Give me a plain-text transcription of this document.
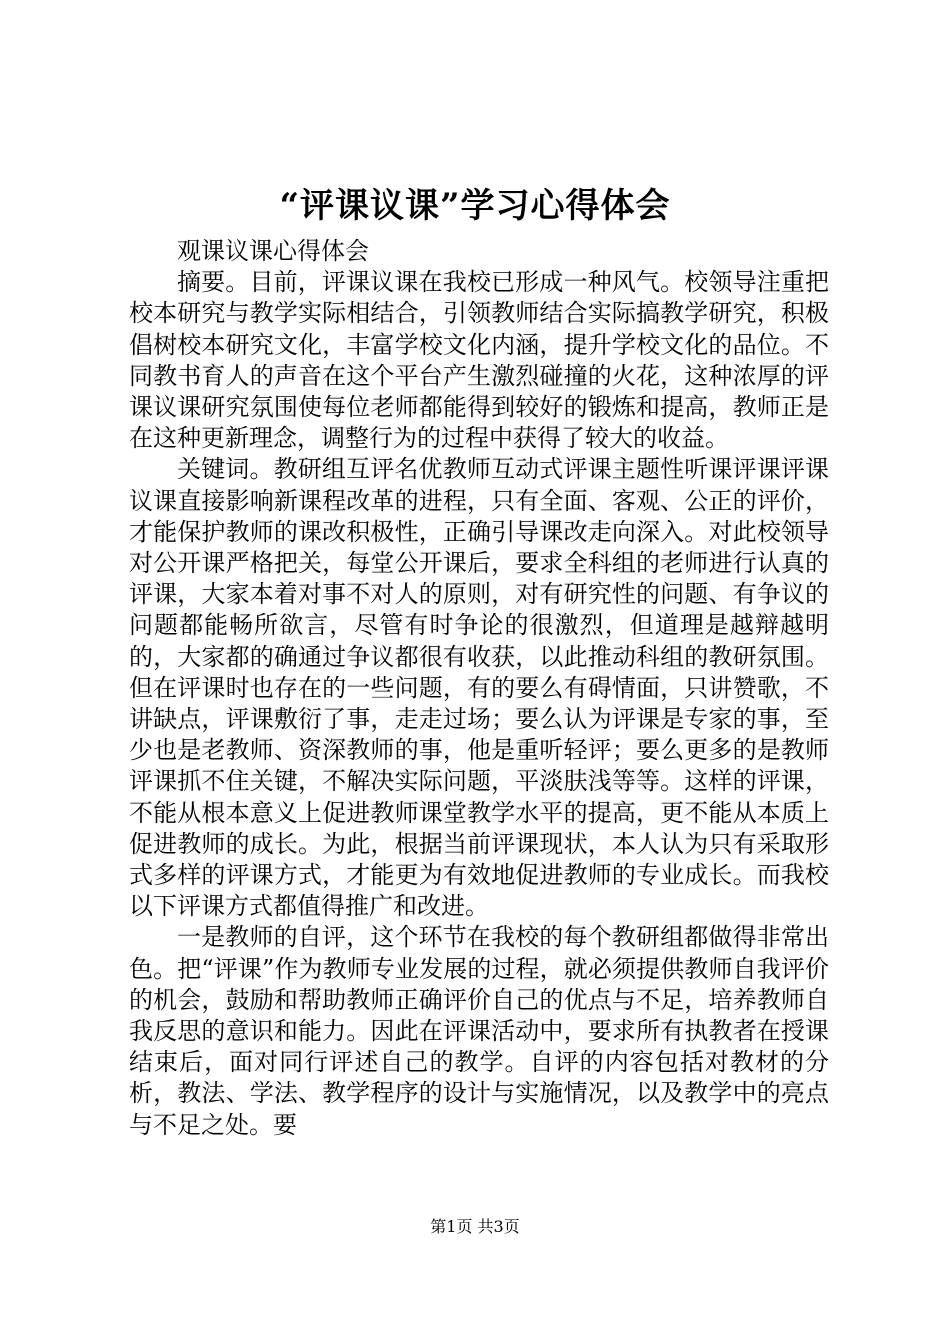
“评课议课”学习心得体会

观课议课心得体会

摘要。目前，评课议课在我校已形成一种风气。校领导注重把校本研究与教学实际相结合，引领教师结合实际搞教学研究，积极倡树校本研究文化，丰富学校文化内涵，提升学校文化的品位。不同教书育人的声音在这个平台产生激烈碰撞的火花，这种浓厚的评课议课研究氛围使每位老师都能得到较好的锻炼和提高，教师正是在这种更新理念，调整行为的过程中获得了较大的收益。

关键词。教研组互评名优教师互动式评课主题性听课评课评课议课直接影响新课程改革的进程，只有全面、客观、公正的评价，才能保护教师的课改积极性，正确引导课改走向深入。对此校领导对公开课严格把关，每堂公开课后，要求全科组的老师进行认真的评课，大家本着对事不对人的原则，对有研究性的问题、有争议的问题都能畅所欲言，尽管有时争论的很激烈，但道理是越辩越明的，大家都的确通过争议都很有收获，以此推动科组的教研氛围。但在评课时也存在的一些问题，有的要么有碍情面，只讲赞歌，不讲缺点，评课敷衍了事，走走过场；要么认为评课是专家的事，至少也是老教师、资深教师的事，他是重听轻评；要么更多的是教师评课抓不住关键，不解决实际问题，平淡肤浅等等。这样的评课，不能从根本意义上促进教师课堂教学水平的提高，更不能从本质上促进教师的成长。为此，根据当前评课现状，本人认为只有采取形式多样的评课方式，才能更为有效地促进教师的专业成长。而我校以下评课方式都值得推广和改进。

一是教师的自评，这个环节在我校的每个教研组都做得非常出色。把“评课”作为教师专业发展的过程，就必须提供教师自我评价的机会，鼓励和帮助教师正确评价自己的优点与不足，培养教师自我反思的意识和能力。因此在评课活动中，要求所有执教者在授课结束后，面对同行评述自己的教学。自评的内容包括对教材的分析，教法、学法、教学程序的设计与实施情况，以及教学中的亮点与不足之处。要

第1页 共3页
